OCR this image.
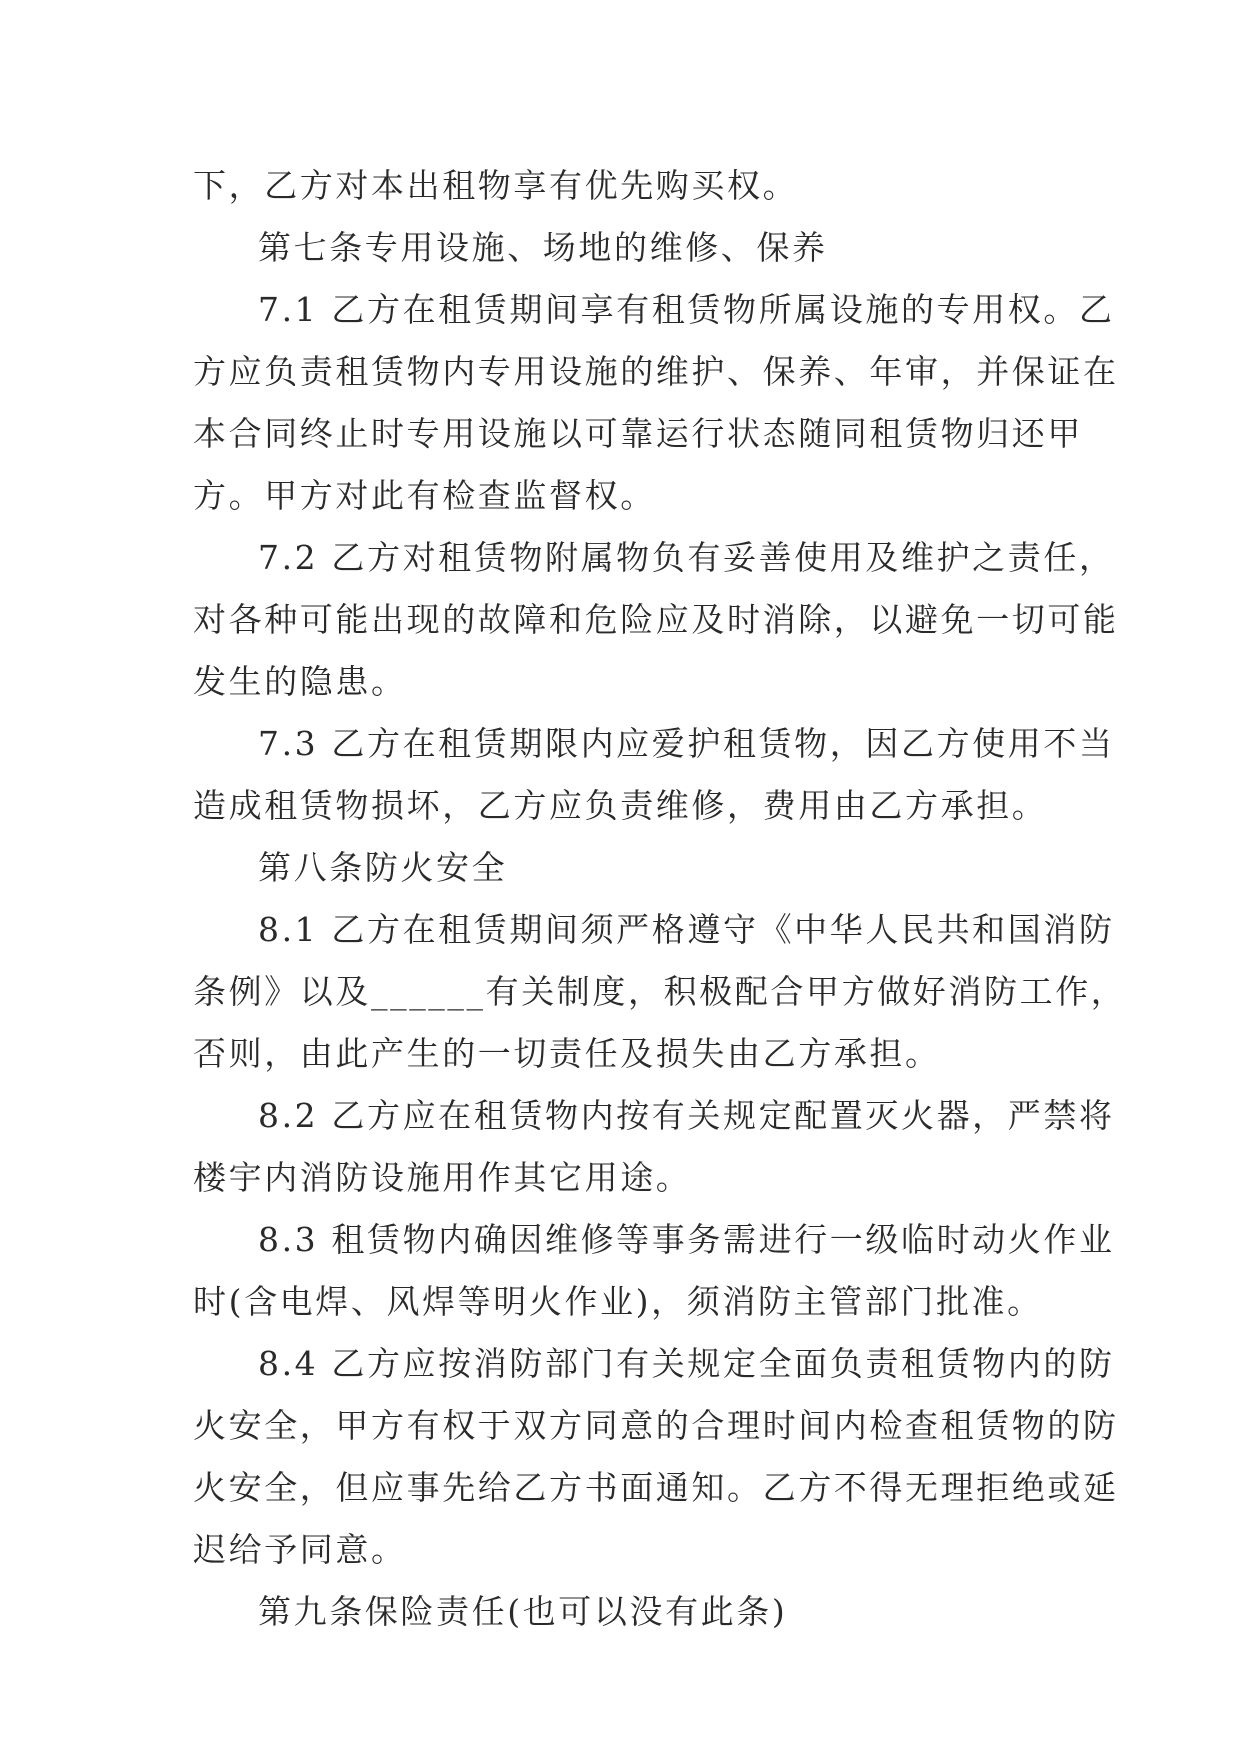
下，乙方对本出租物享有优先购买权。
第七条专用设施、场地的维修、保养
7.1 乙方在租赁期间享有租赁物所属设施的专用权。乙
方应负责租赁物内专用设施的维护、保养、年审，并保证在
本合同终止时专用设施以可靠运行状态随同租赁物归还甲
方。甲方对此有检查监督权。
7.2 乙方对租赁物附属物负有妥善使用及维护之责任，
对各种可能出现的故障和危险应及时消除，以避免一切可能
发生的隐患。
7.3 乙方在租赁期限内应爱护租赁物，因乙方使用不当
造成租赁物损坏，乙方应负责维修，费用由乙方承担。
第八条防火安全
8.1 乙方在租赁期间须严格遵守《中华人民共和国消防
条例》以及______有关制度，积极配合甲方做好消防工作，
否则，由此产生的一切责任及损失由乙方承担。
8.2 乙方应在租赁物内按有关规定配置灭火器，严禁将
楼宇内消防设施用作其它用途。
8.3 租赁物内确因维修等事务需进行一级临时动火作业
时(含电焊、风焊等明火作业)，须消防主管部门批准。
8.4 乙方应按消防部门有关规定全面负责租赁物内的防
火安全，甲方有权于双方同意的合理时间内检查租赁物的防
火安全，但应事先给乙方书面通知。乙方不得无理拒绝或延
迟给予同意。
第九条保险责任(也可以没有此条)
